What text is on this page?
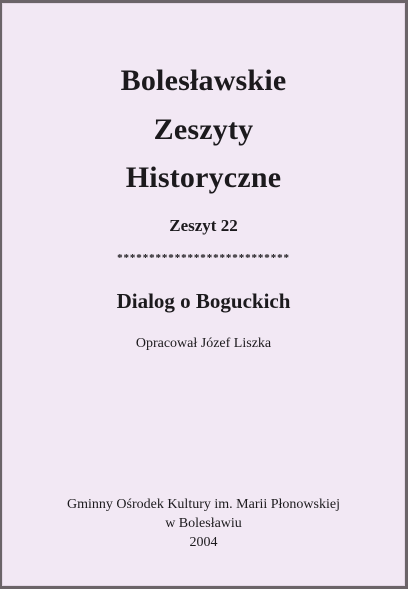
Bolesławskie
Zeszyty
Historyczne
Zeszyt 22
***************************
Dialog o Boguckich
Opracował Józef Liszka
Gminny Ośrodek Kultury im. Marii Płonowskiej
w Bolesławiu
2004
